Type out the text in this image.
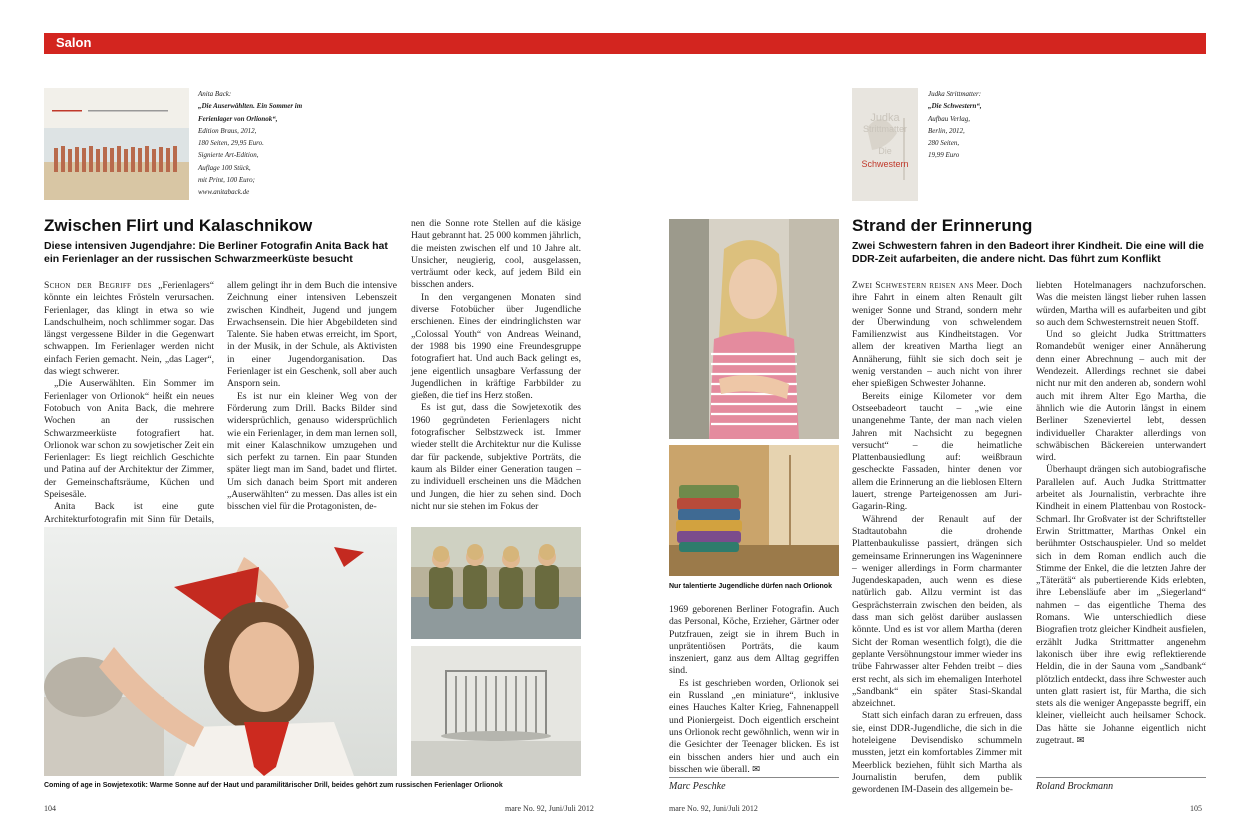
Salon
Anita Back:
„Die Auserwählten. Ein Sommer im Ferienlager von Orlionok“,
Edition Braus, 2012,
180 Seiten, 29,95 Euro.
Signierte Art-Edition,
Auflage 100 Stück,
mit Print, 100 Euro;
www.anitaback.de
Zwischen Flirt und Kalaschnikow
Diese intensiven Jugendjahre: Die Berliner Fotografin Anita Back hat ein Ferienlager an der russischen Schwarzmeerküste besucht

Schon der Begriff des „Ferienlagers“ könnte ein leichtes Frösteln verursachen. Ferienlager, das klingt in etwa so wie Landschulheim, noch schlimmer sogar. Das längst vergessene Bilder in die Gegenwart schwappen. Im Ferienlager werden nicht einfach Ferien gemacht. Nein, „das Lager“, das wiegt schwerer.

„Die Auserwählten. Ein Sommer im Ferienlager von Orlionok“ heißt ein neues Fotobuch von Anita Back, die mehrere Wochen an der russischen Schwarzmeerküste fotografiert hat. Orlionok war schon zu sowjetischer Zeit ein Ferienlager: Es liegt reichlich Geschichte und Patina auf der Architektur der Zimmer, der Gemeinschaftsräume, Küchen und Speisesäle.

Anita Back ist eine gute Architekturfotografin mit Sinn für Details,

allem gelingt ihr in dem Buch die intensive Zeichnung einer intensiven Lebenszeit zwischen Kindheit, Jugend und jungem Erwachsensein. Die hier Abgebildeten sind Talente. Sie haben etwas erreicht, im Sport, in der Musik, in der Schule, als Aktivisten in einer Jugendorganisation. Das Ferienlager ist ein Geschenk, soll aber auch Ansporn sein.

Es ist nur ein kleiner Weg von der Förderung zum Drill. Backs Bilder sind widersprüchlich, genauso widersprüchlich wie ein Ferienlager, in dem man lernen soll, mit einer Kalaschnikow umzugehen und sich perfekt zu tarnen. Ein paar Stunden später liegt man im Sand, badet und flirtet. Um sich danach beim Sport mit anderen „Auserwählten“ zu messen. Das alles ist ein bisschen viel für die Protagonisten, de-

nen die Sonne rote Stellen auf die käsige Haut gebrannt hat. 25 000 kommen jährlich, die meisten zwischen elf und 10 Jahre alt. Unsicher, neugierig, cool, ausgelassen, verträumt oder keck, auf jedem Bild ein bisschen anders.

In den vergangenen Monaten sind diverse Fotobücher über Jugendliche erschienen. Eines der eindringlichsten war „Colossal Youth“ von Andreas Weinand, der 1988 bis 1990 eine Freundesgruppe fotografiert hat. Und auch Back gelingt es, jene eigentlich unsagbare Verfassung der Jugendlichen in kräftige Farbbilder zu gießen, die tief ins Herz stoßen.

Es ist gut, dass die Sowjetexotik des 1960 gegründeten Ferienlagers nicht fotografischer Selbstzweck ist. Immer wieder stellt die Architektur nur die Kulisse dar für packende, subjektive Porträts, die kaum als Bilder einer Generation taugen – zu individuell erscheinen uns die Mädchen und Jungen, die hier zu sehen sind. Doch nicht nur sie stehen im Fokus der

Coming of age in Sowjetexotik: Warme Sonne auf der Haut und paramilitärischer Drill, beides gehört zum russischen Ferienlager Orlionok
Nur talentierte Jugendliche dürfen nach Orlionok

1969 geborenen Berliner Fotografin. Auch das Personal, Köche, Erzieher, Gärtner oder Putzfrauen, zeigt sie in ihrem Buch in unprätentiösen Porträts, die kaum inszeniert, ganz aus dem Alltag gegriffen sind.

Es ist geschrieben worden, Orlionok sei ein Russland „en miniature“, inklusive eines Hauches Kalter Krieg, Fahnenappell und Pioniergeist. Doch eigentlich erscheint uns Orlionok recht gewöhnlich, wenn wir in die Gesichter der Teenager blicken. Es ist ein bisschen anders hier und auch ein bisschen wie überall. ✉

Marc Peschke
Judka
Strittmatter
Die
Schwestern
Judka Strittmatter:
„Die Schwestern“,
Aufbau Verlag,
Berlin, 2012,
280 Seiten,
19,99 Euro
Strand der Erinnerung
Zwei Schwestern fahren in den Badeort ihrer Kindheit. Die eine will die DDR-Zeit aufarbeiten, die andere nicht. Das führt zum Konflikt

Zwei Schwestern reisen ans Meer. Doch ihre Fahrt in einem alten Renault gilt weniger Sonne und Strand, sondern mehr der Überwindung von schwelendem Familienzwist aus Kindheitstagen. Vor allem der kreativen Martha liegt an Annäherung, fühlt sie sich doch seit je wenig verstanden – auch nicht von ihrer eher spießigen Schwester Johanne.

Bereits einige Kilometer vor dem Ostseebadeort taucht – „wie eine unangenehme Tante, der man nach vielen Jahren mit Nachsicht zu begegnen versucht“ – die heimatliche Plattenbausiedlung auf: weißbraun gescheckte Fassaden, hinter denen vor allem die Erinnerung an die lieblosen Eltern lauert, strenge Parteigenossen am Juri-Gagarin-Ring.

Während der Renault auf der Stadtautobahn die drohende Plattenbaukulisse passiert, drängen sich gemeinsame Erinnerungen ins Wageninnere – weniger allerdings in Form charmanter Jugendeskapaden, auch wenn es diese natürlich gab. Allzu vermint ist das Gesprächsterrain zwischen den beiden, als dass man sich gelöst darüber auslassen könnte. Und es ist vor allem Martha (deren Sicht der Roman wesentlich folgt), die die geplante Versöhnungstour immer wieder ins trübe Fahrwasser alter Fehden treibt – dies erst recht, als sich im ehemaligen Interhotel „Sandbank“ ein später Stasi-Skandal abzeichnet.

Statt sich einfach daran zu erfreuen, dass sie, einst DDR-Jugendliche, die sich in die hoteleigene Devisendisko schummeln mussten, jetzt ein komfortables Zimmer mit Meerblick beziehen, fühlt sich Martha als Journalistin berufen, dem publik gewordenen IM-Dasein des allgemein be-

liebten Hotelmanagers nachzuforschen. Was die meisten längst lieber ruhen lassen würden, Martha will es aufarbeiten und gibt so auch dem Schwesternstreit neuen Stoff.

Und so gleicht Judka Strittmatters Romandebüt weniger einer Annäherung denn einer Abrechnung – auch mit der Wendezeit. Allerdings rechnet sie dabei nicht nur mit den anderen ab, sondern wohl auch mit ihrem Alter Ego Martha, die ähnlich wie die Autorin längst in einem Berliner Szeneviertel lebt, dessen individueller Charakter allerdings von schwäbischen Bäckereien unterwandert wird.

Überhaupt drängen sich autobiografische Parallelen auf. Auch Judka Strittmatter arbeitet als Journalistin, verbrachte ihre Kindheit in einem Plattenbau von Rostock-Schmarl. Ihr Großvater ist der Schriftsteller Erwin Strittmatter, Marthas Onkel ein berühmter Ostschauspieler. Und so meldet sich in dem Roman endlich auch die Stimme der Enkel, die die letzten Jahre der „Täterätä“ als pubertierende Kids erlebten, ihre Lebensläufe aber im „Siegerland“ nahmen – das eigentliche Thema des Romans. Wie unterschiedlich diese Biografien trotz gleicher Kindheit ausfielen, erzählt Judka Strittmatter angenehm lakonisch über ihre ewig reflektierende Heldin, die in der Sauna vom „Sandbank“ plötzlich entdeckt, dass ihre Schwester auch unten glatt rasiert ist, für Martha, die sich stets als die weniger Angepasste begriff, ein kleiner, vielleicht auch heilsamer Schock. Das hätte sie Johanne eigentlich nicht zugetraut. ✉

Roland Brockmann
104	mare No. 92, Juni/Juli 2012	mare No. 92, Juni/Juli 2012	105
